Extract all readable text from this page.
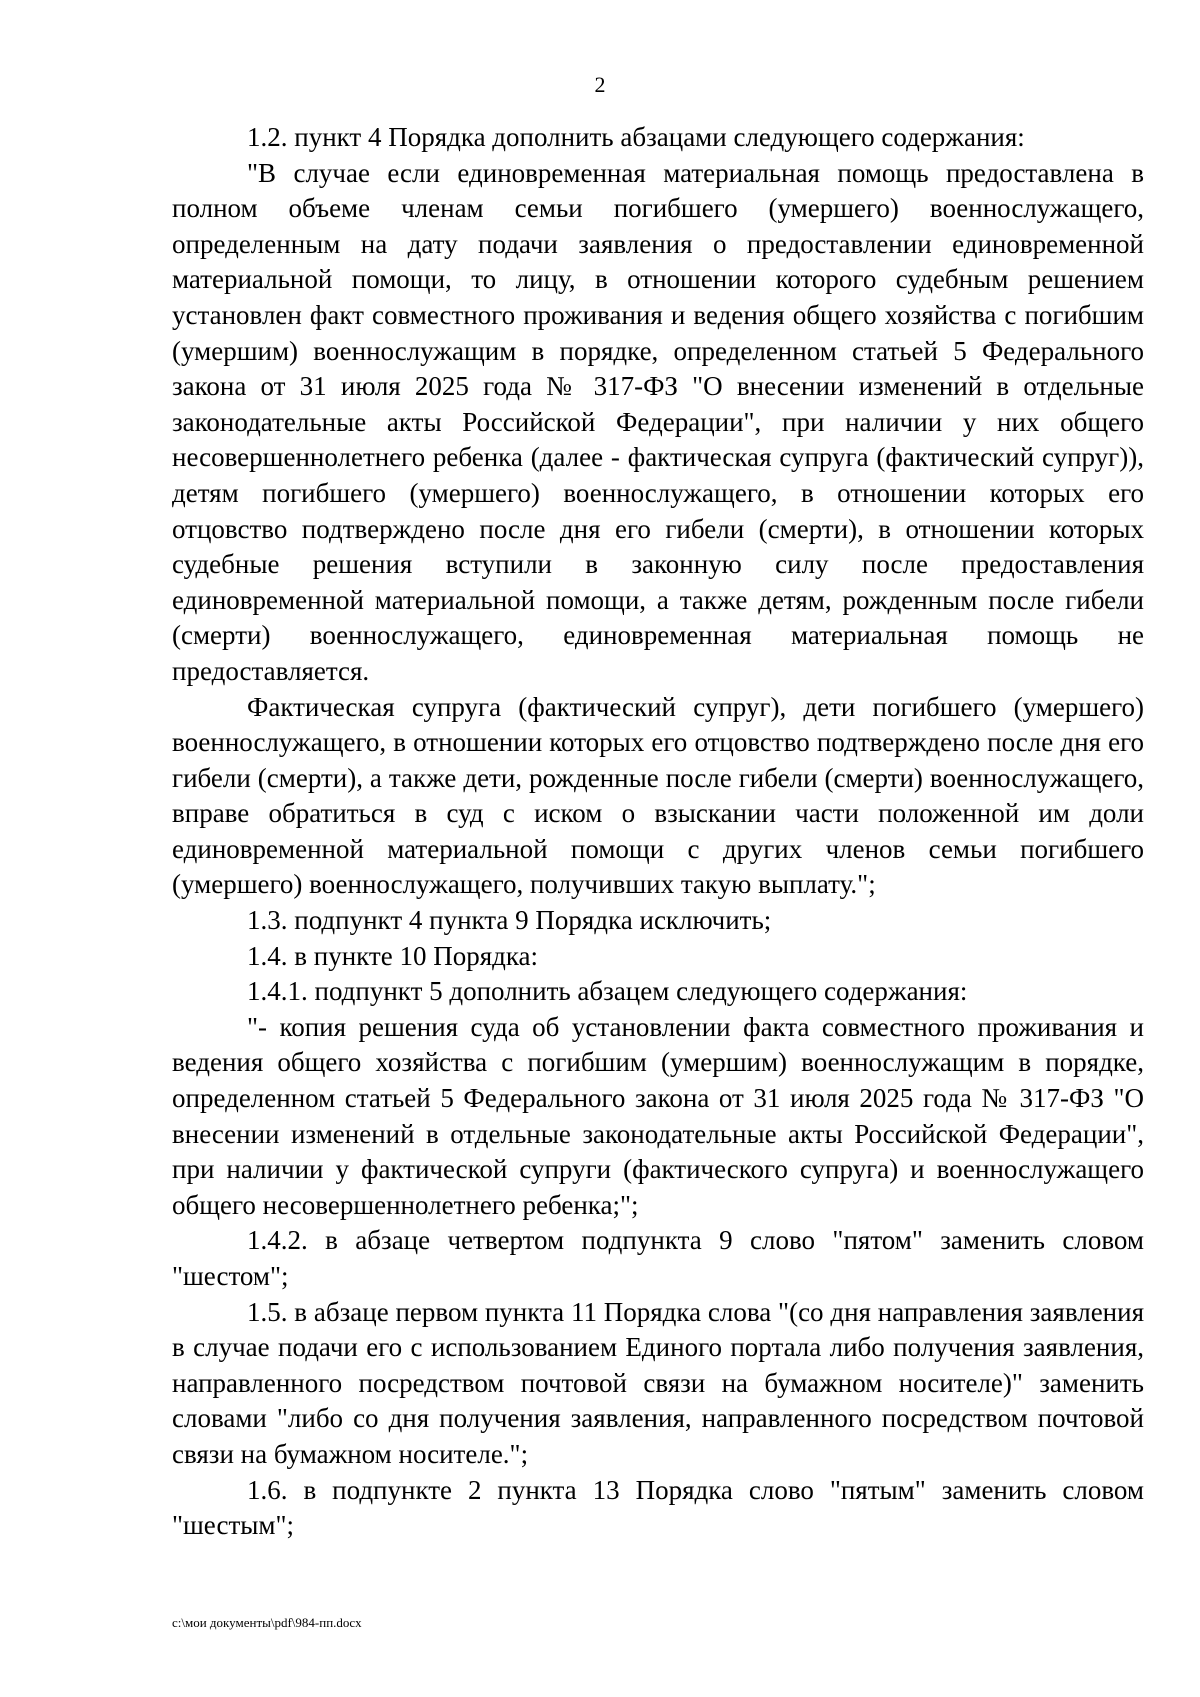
2

1.2. пункт 4 Порядка дополнить абзацами следующего содержания:

"В случае если единовременная материальная помощь предоставлена в полном объеме членам семьи погибшего (умершего) военнослужащего, определенным на дату подачи заявления о предоставлении единовременной материальной помощи, то лицу, в отношении которого судебным решением установлен факт совместного проживания и ведения общего хозяйства с погибшим (умершим) военнослужащим в порядке, определенном статьей 5 Федерального закона от 31 июля 2025 года № 317-ФЗ "О внесении изменений в отдельные законодательные акты Российской Федерации", при наличии у них общего несовершеннолетнего ребенка (далее - фактическая супруга (фактический супруг)), детям погибшего (умершего) военнослужащего, в отношении которых его отцовство подтверждено после дня его гибели (смерти), в отношении которых судебные решения вступили в законную силу после предоставления единовременной материальной помощи, а также детям, рожденным после гибели (смерти) военнослужащего, единовременная материальная помощь не предоставляется.

Фактическая супруга (фактический супруг), дети погибшего (умершего) военнослужащего, в отношении которых его отцовство подтверждено после дня его гибели (смерти), а также дети, рожденные после гибели (смерти) военнослужащего, вправе обратиться в суд с иском о взыскании части положенной им доли единовременной материальной помощи с других членов семьи погибшего (умершего) военнослужащего, получивших такую выплату.";

1.3. подпункт 4 пункта 9 Порядка исключить;

1.4. в пункте 10 Порядка:

1.4.1. подпункт 5 дополнить абзацем следующего содержания:

"- копия решения суда об установлении факта совместного проживания и ведения общего хозяйства с погибшим (умершим) военнослужащим в порядке, определенном статьей 5 Федерального закона от 31 июля 2025 года № 317-ФЗ "О внесении изменений в отдельные законодательные акты Российской Федерации", при наличии у фактической супруги (фактического супруга) и военнослужащего общего несовершеннолетнего ребенка;";

1.4.2. в абзаце четвертом подпункта 9 слово "пятом" заменить словом "шестом";

1.5. в абзаце первом пункта 11 Порядка слова "(со дня направления заявления в случае подачи его с использованием Единого портала либо получения заявления, направленного посредством почтовой связи на бумажном носителе)" заменить словами "либо со дня получения заявления, направленного посредством почтовой связи на бумажном носителе.";

1.6. в подпункте 2 пункта 13 Порядка слово "пятым" заменить словом "шестым";

c:\мои документы\pdf\984-пп.docx
